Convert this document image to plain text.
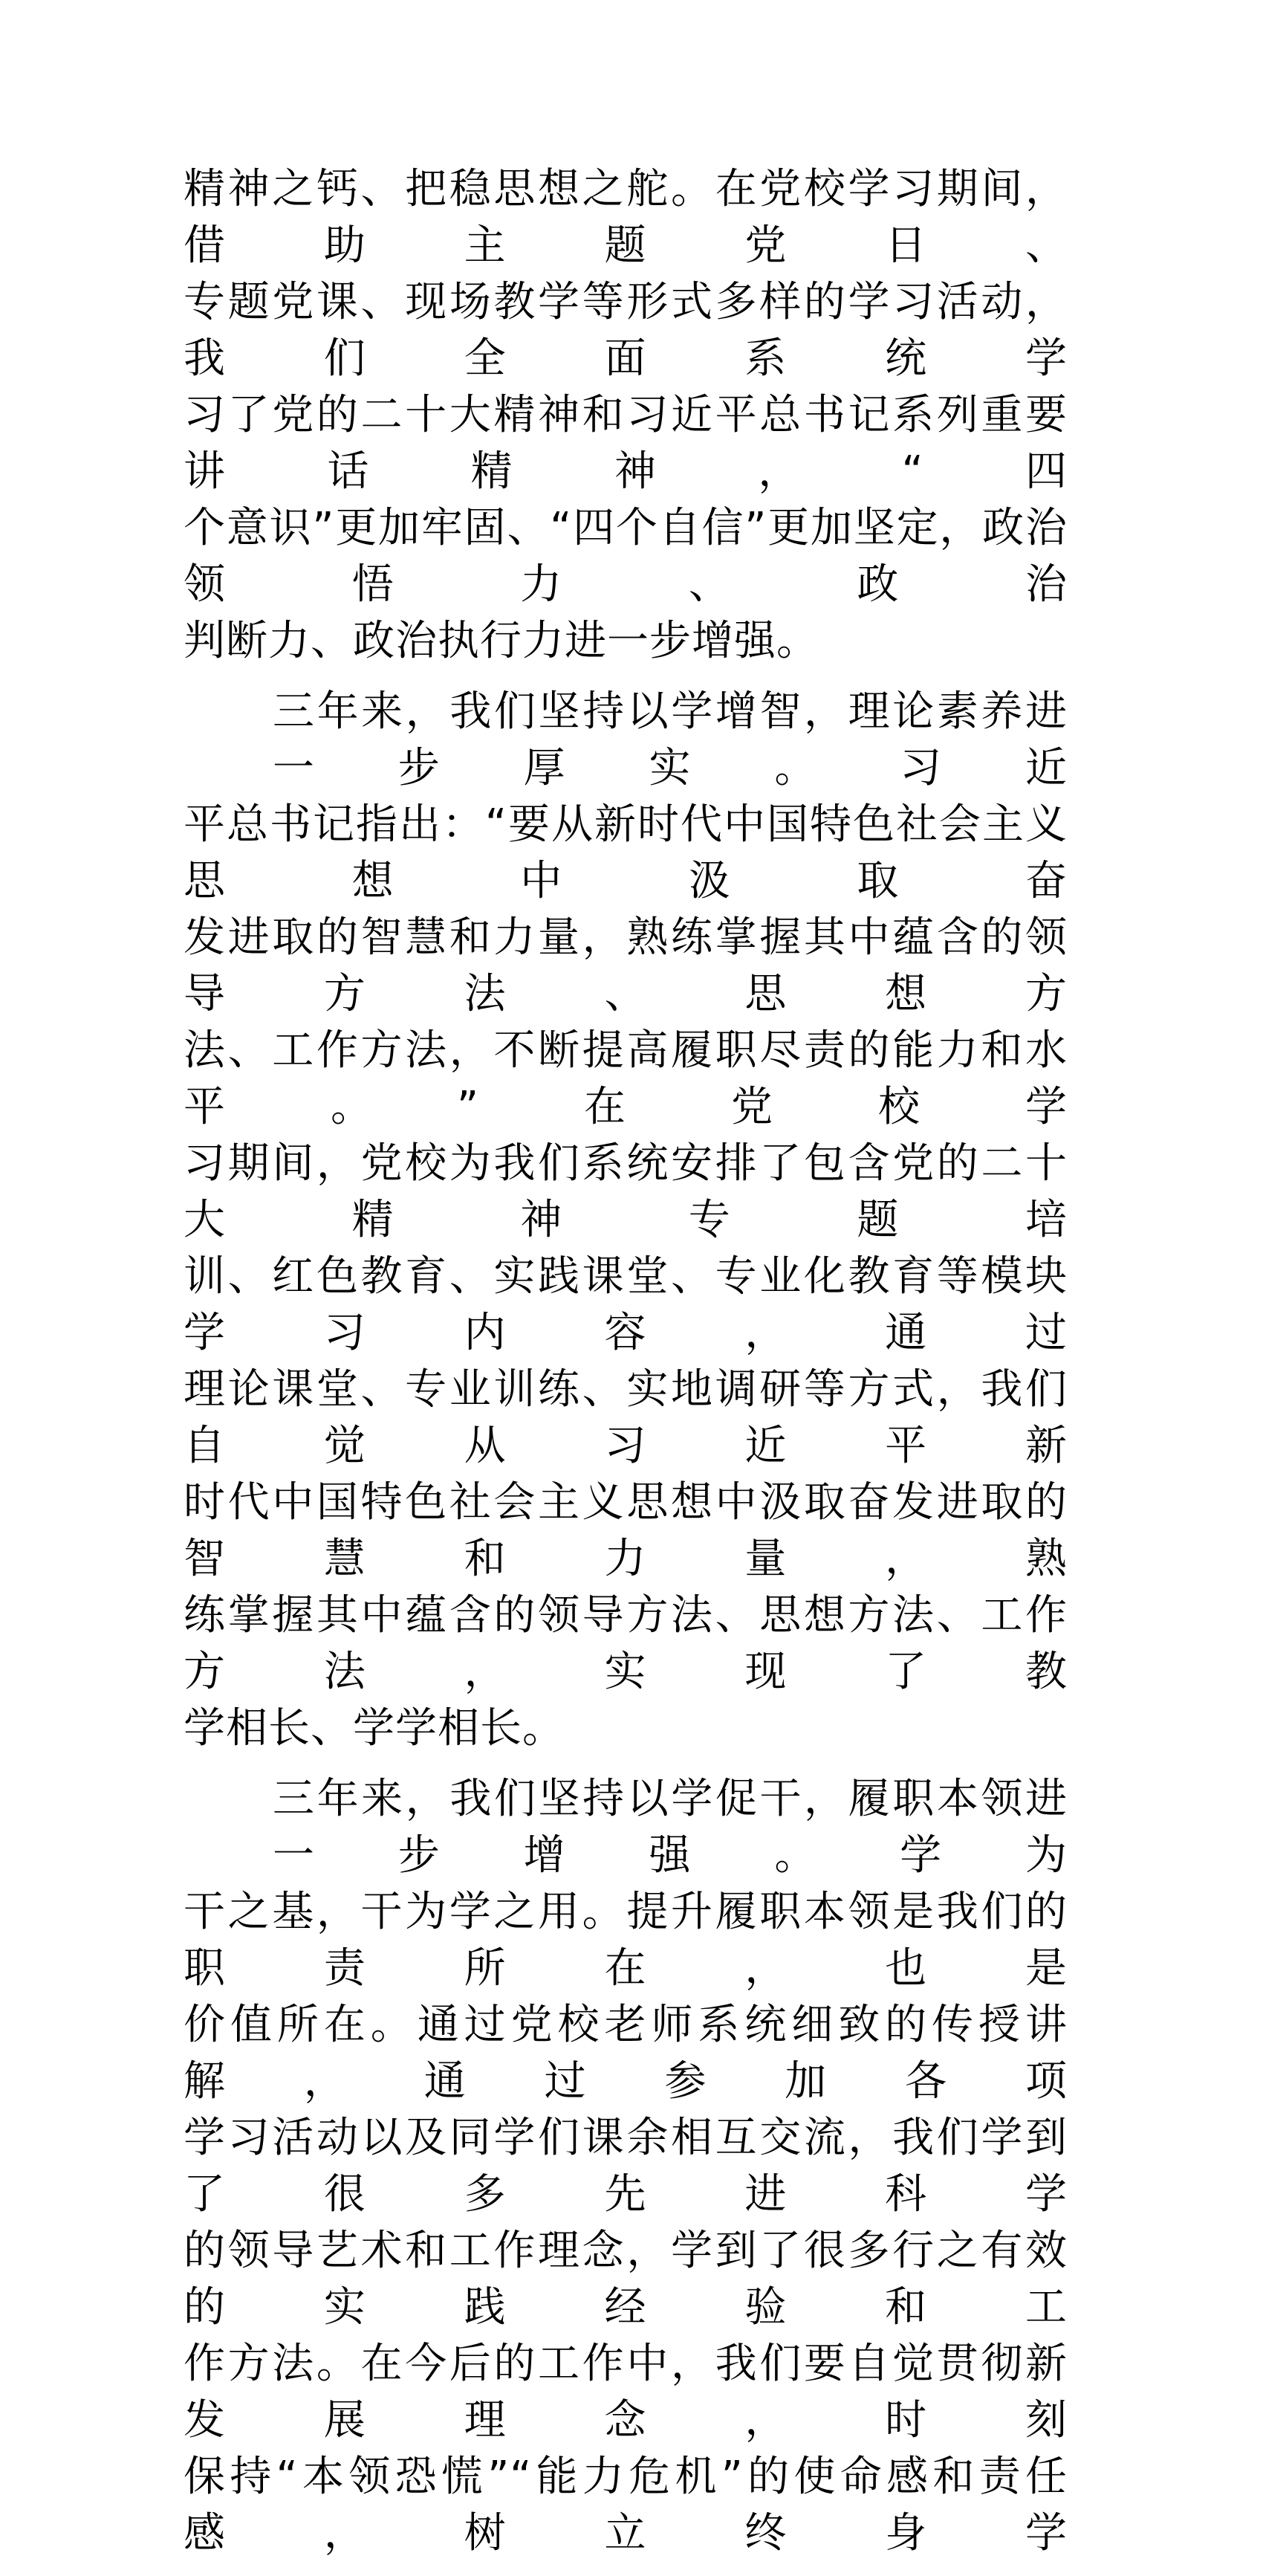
精神之钙、把稳思想之舵。在党校学习期间，借助主题党日、
专题党课、现场教学等形式多样的学习活动，我们全面系统学
习了党的二十大精神和习近平总书记系列重要讲话精神，“四
个意识”更加牢固、“四个自信”更加坚定，政治领悟力、政治
判断力、政治执行力进一步增强。
三年来，我们坚持以学增智，理论素养进一步厚实。习近
平总书记指出：“要从新时代中国特色社会主义思想中汲取奋
发进取的智慧和力量，熟练掌握其中蕴含的领导方法、思想方
法、工作方法，不断提高履职尽责的能力和水平。”在党校学
习期间，党校为我们系统安排了包含党的二十大精神专题培
训、红色教育、实践课堂、专业化教育等模块学习内容，通过
理论课堂、专业训练、实地调研等方式，我们自觉从习近平新
时代中国特色社会主义思想中汲取奋发进取的智慧和力量，熟
练掌握其中蕴含的领导方法、思想方法、工作方法，实现了教
学相长、学学相长。
三年来，我们坚持以学促干，履职本领进一步增强。学为
干之基，干为学之用。提升履职本领是我们的职责所在，也是
价值所在。通过党校老师系统细致的传授讲解，通过参加各项
学习活动以及同学们课余相互交流，我们学到了很多先进科学
的领导艺术和工作理念，学到了很多行之有效的实践经验和工
作方法。在今后的工作中，我们要自觉贯彻新发展理念，时刻
保持“本领恐慌”“能力危机”的使命感和责任感，树立终身学
